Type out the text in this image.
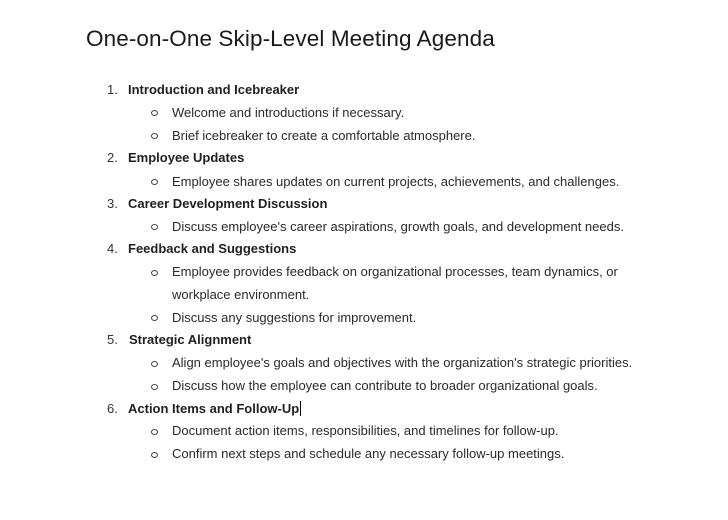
One-on-One Skip-Level Meeting Agenda
1. Introduction and Icebreaker
Welcome and introductions if necessary.
Brief icebreaker to create a comfortable atmosphere.
2. Employee Updates
Employee shares updates on current projects, achievements, and challenges.
3. Career Development Discussion
Discuss employee's career aspirations, growth goals, and development needs.
4. Feedback and Suggestions
Employee provides feedback on organizational processes, team dynamics, or
workplace environment.
Discuss any suggestions for improvement.
5. Strategic Alignment
Align employee's goals and objectives with the organization's strategic priorities.
Discuss how the employee can contribute to broader organizational goals.
6. Action Items and Follow-Up
Document action items, responsibilities, and timelines for follow-up.
Confirm next steps and schedule any necessary follow-up meetings.
